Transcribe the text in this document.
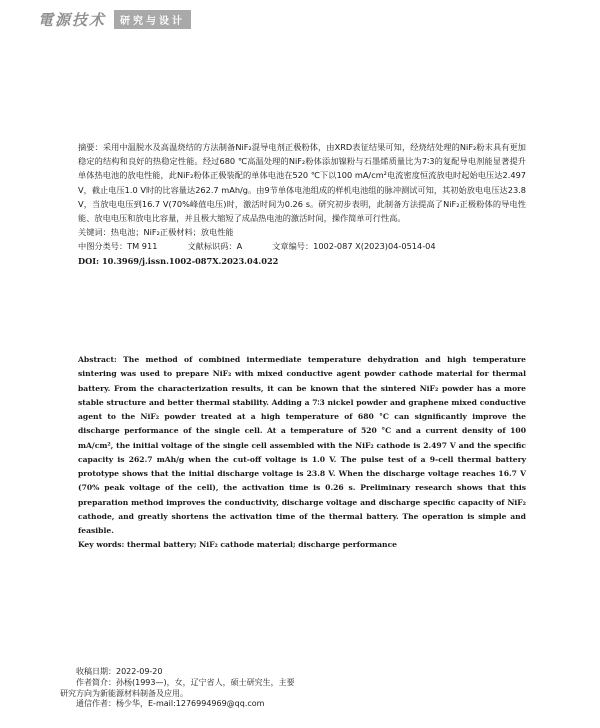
電源技术	研究与设计

摘要：采用中温脱水及高温烧结的方法制备NiF₂混导电剂正极粉体，由XRD表征结果可知，经烧结处理的NiF₂粉末具有更加稳定的结构和良好的热稳定性能。经过680 ℃高温处理的NiF₂粉体添加镍粉与石墨烯质量比为7∶3的复配导电剂能显著提升单体热电池的放电性能，此NiF₂粉体正极装配的单体电池在520 ℃下以100 mA/cm²电流密度恒流放电时起始电压达2.497 V，截止电压1.0 V时的比容量达262.7 mAh/g。由9节单体电池组成的样机电池组的脉冲测试可知，其初始放电电压达23.8 V，当放电电压到16.7 V(70%峰值电压)时，激活时间为0.26 s。研究初步表明，此制备方法提高了NiF₂正极粉体的导电性能、放电电压和放电比容量，并且极大缩短了成品热电池的激活时间，操作简单可行性高。

关键词：热电池；NiF₂正极材料；放电性能

中图分类号：TM 911	文献标识码：A	文章编号：1002-087 X(2023)04-0514-04
DOI: 10.3969/j.issn.1002-087X.2023.04.022

Abstract: The method of combined intermediate temperature dehydration and high temperature sintering was used to prepare NiF₂ with mixed conductive agent powder cathode material for thermal battery. From the characterization results, it can be known that the sintered NiF₂ powder has a more stable structure and better thermal stability. Adding a 7∶3 nickel powder and graphene mixed conductive agent to the NiF₂ powder treated at a high temperature of 680 °C can significantly improve the discharge performance of the single cell. At a temperature of 520 °C and a current density of 100 mA/cm², the initial voltage of the single cell assembled with the NiF₂ cathode is 2.497 V and the specific capacity is 262.7 mAh/g when the cut-off voltage is 1.0 V. The pulse test of a 9-cell thermal battery prototype shows that the initial discharge voltage is 23.8 V. When the discharge voltage reaches 16.7 V (70% peak voltage of the cell), the activation time is 0.26 s. Preliminary research shows that this preparation method improves the conductivity, discharge voltage and discharge specific capacity of NiF₂ cathode, and greatly shortens the activation time of the thermal battery. The operation is simple and feasible.

Key words: thermal battery; NiF₂ cathode material; discharge performance

收稿日期：2022-09-20
作者简介：孙杨(1993—)，女，辽宁省人，硕士研究生，主要
研究方向为新能源材料制备及应用。
通信作者：杨少华，E-mail:1276994969@qq.com
